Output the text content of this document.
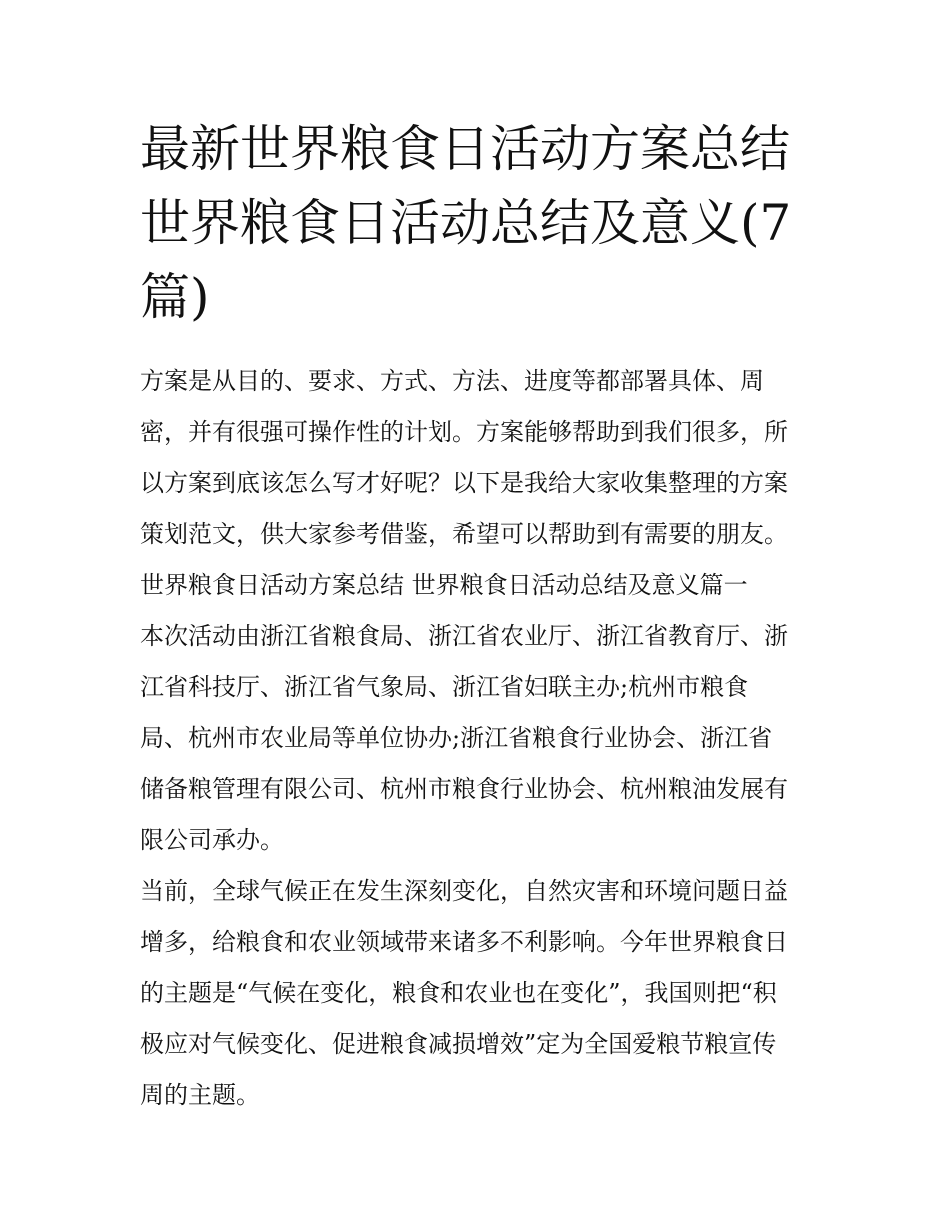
最新世界粮食日活动方案总结
世界粮食日活动总结及意义(7
篇)

方案是从目的、要求、方式、方法、进度等都部署具体、周
密，并有很强可操作性的计划。方案能够帮助到我们很多，所
以方案到底该怎么写才好呢？以下是我给大家收集整理的方案
策划范文，供大家参考借鉴，希望可以帮助到有需要的朋友。

世界粮食日活动方案总结 世界粮食日活动总结及意义篇一

本次活动由浙江省粮食局、浙江省农业厅、浙江省教育厅、浙
江省科技厅、浙江省气象局、浙江省妇联主办;杭州市粮食
局、杭州市农业局等单位协办;浙江省粮食行业协会、浙江省
储备粮管理有限公司、杭州市粮食行业协会、杭州粮油发展有
限公司承办。

当前，全球气候正在发生深刻变化，自然灾害和环境问题日益
增多，给粮食和农业领域带来诸多不利影响。今年世界粮食日
的主题是“气候在变化，粮食和农业也在变化”，我国则把“积
极应对气候变化、促进粮食减损增效”定为全国爱粮节粮宣传
周的主题。
